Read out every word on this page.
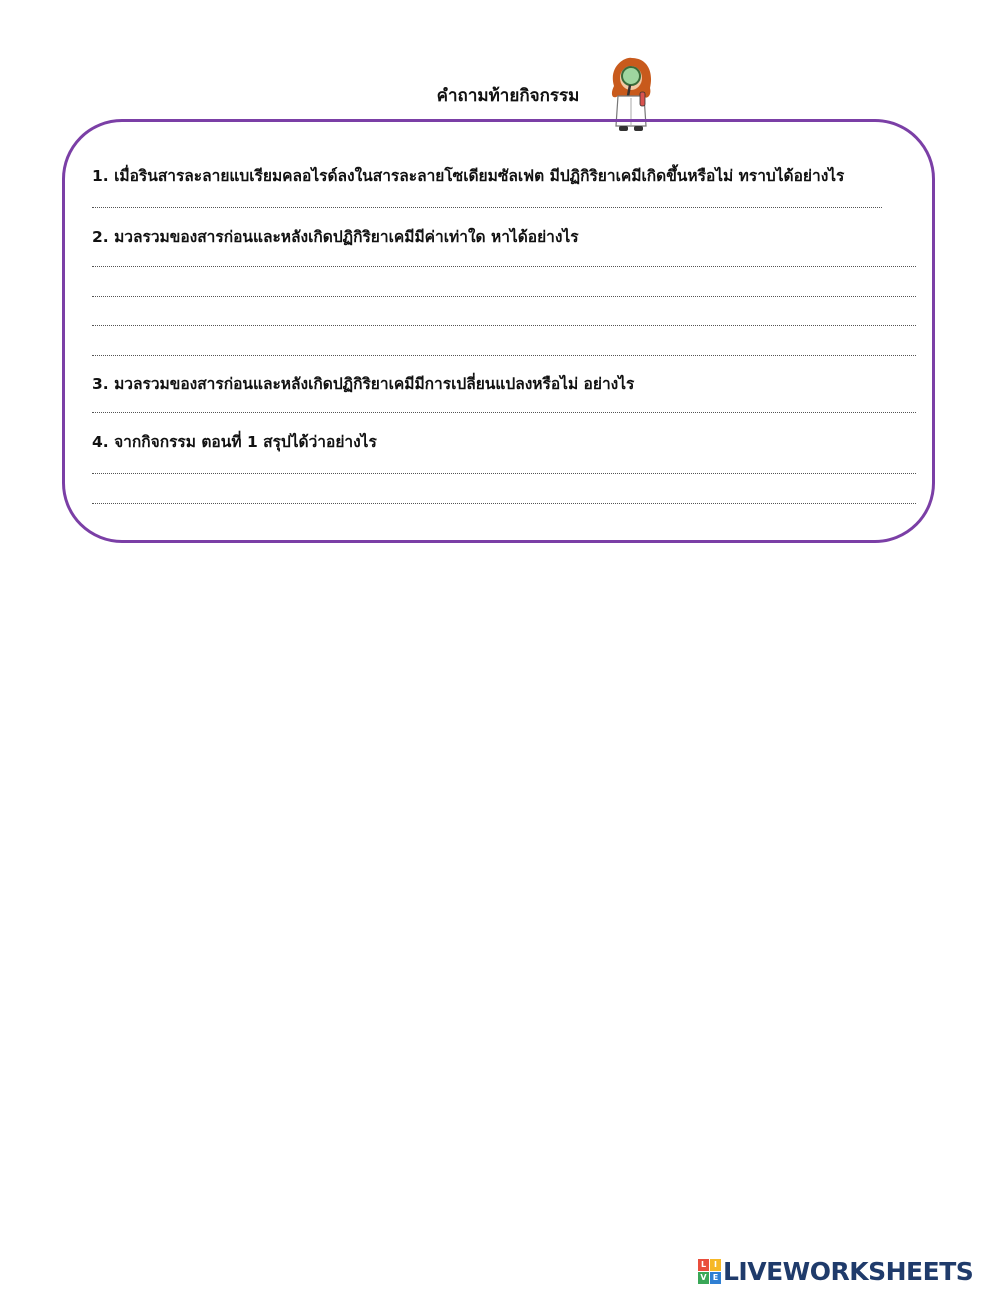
คำถามท้ายกิจกรรม
1. เมื่อรินสารละลายแบเรียมคลอไรด์ลงในสารละลายโซเดียมซัลเฟต มีปฏิกิริยาเคมีเกิดขึ้นหรือไม่ ทราบได้อย่างไร
2. มวลรวมของสารก่อนและหลังเกิดปฏิกิริยาเคมีมีค่าเท่าใด หาได้อย่างไร
3. มวลรวมของสารก่อนและหลังเกิดปฏิกิริยาเคมีมีการเปลี่ยนแปลงหรือไม่ อย่างไร
4. จากกิจกรรม ตอนที่ 1 สรุปได้ว่าอย่างไร
L I
V E LIVEWORKSHEETS
